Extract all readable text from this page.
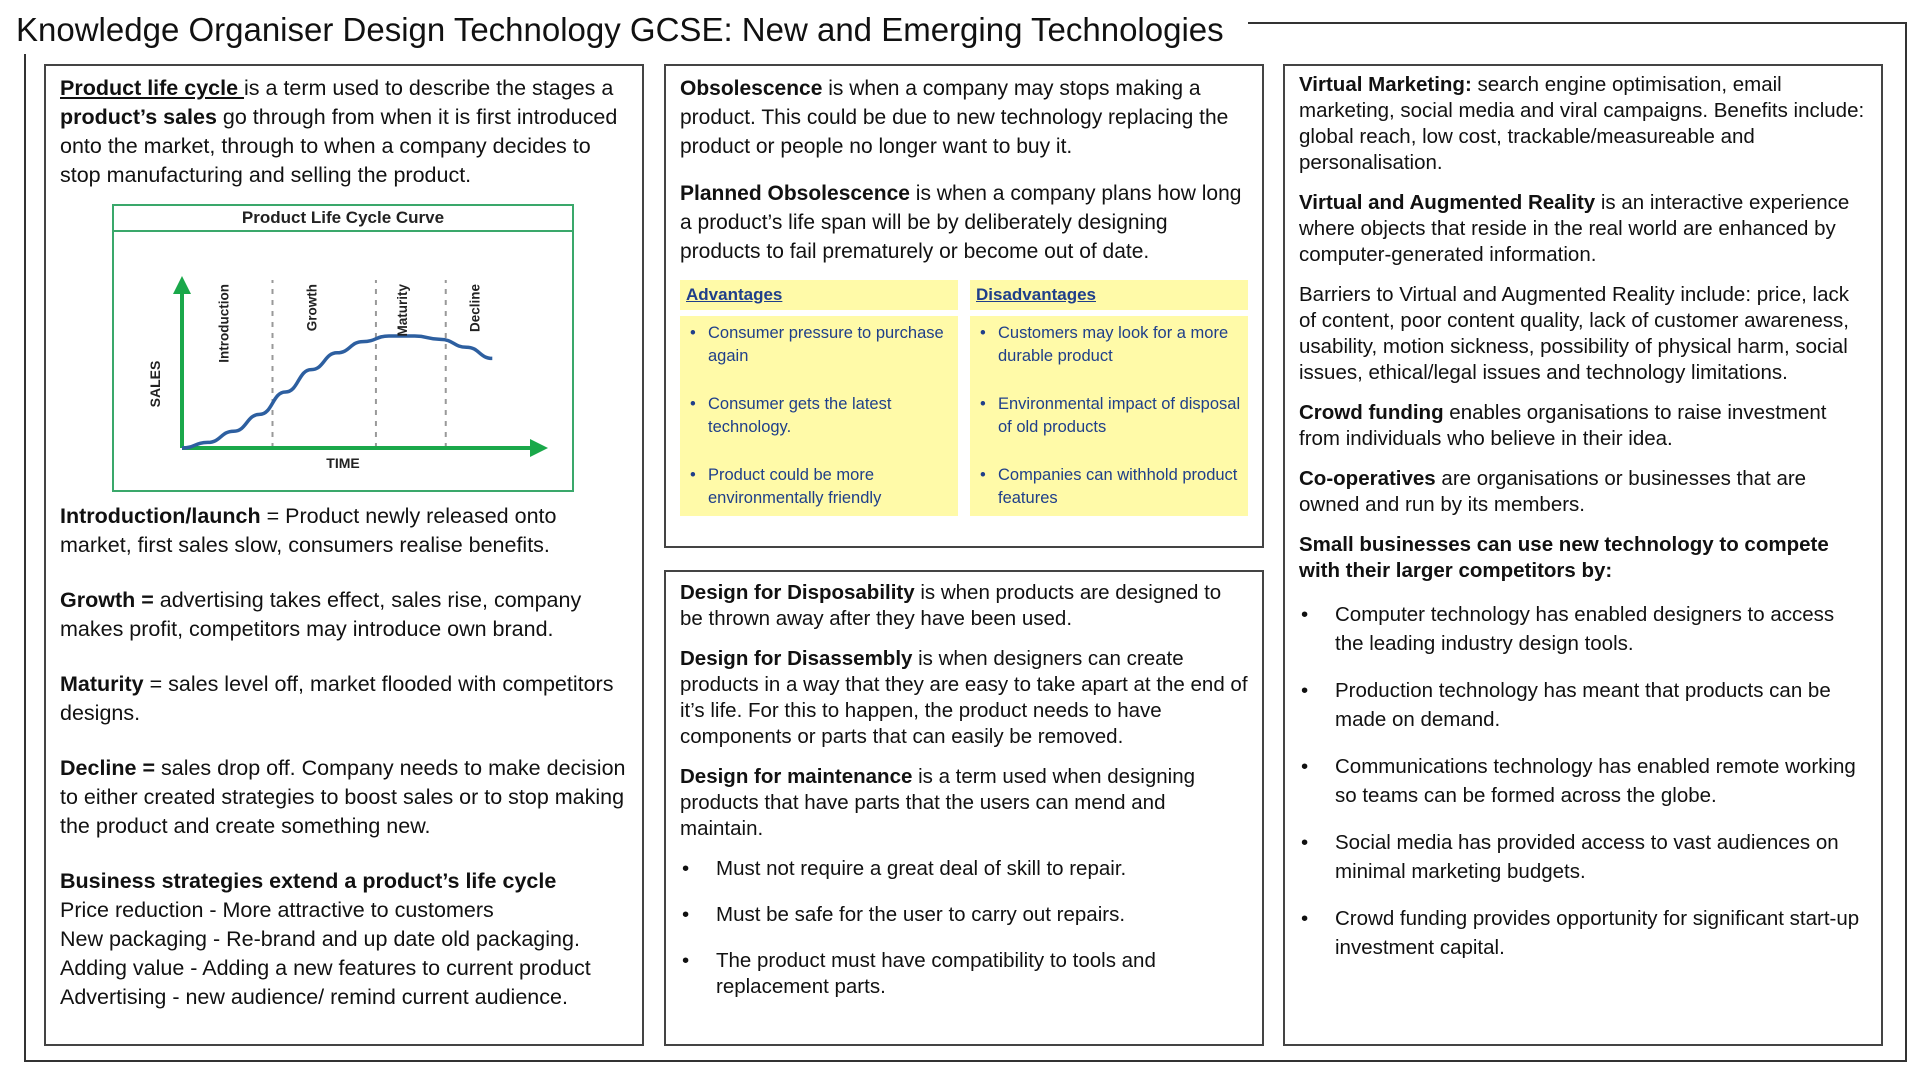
Knowledge Organiser Design Technology GCSE: New and Emerging Technologies

Product life cycle is a term used to describe the stages a product’s sales go through from when it is first introduced onto the market, through to when a company decides to stop manufacturing and selling the product.

Product Life Cycle Curve
SALES
TIME
Introduction	Growth	Maturity	Decline

Introduction/launch = Product newly released onto market, first sales slow, consumers realise benefits.

Growth = advertising takes effect, sales rise, company makes profit, competitors may introduce own brand.

Maturity = sales level off, market flooded with competitors designs.

Decline = sales drop off. Company needs to make decision to either created strategies to boost sales or to stop making the product and create something new.

Business strategies extend a product’s life cycle
Price reduction - More attractive to customers
New packaging - Re-brand and up date old packaging.
Adding value - Adding a new features to current product
Advertising - new audience/ remind current audience.

Obsolescence is when a company may stops making a product. This could be due to new technology replacing the product or people no longer want to buy it.

Planned Obsolescence is when a company plans how long a product’s life span will be by deliberately designing products to fail prematurely or become out of date.

Advantages
• Consumer pressure to purchase again
• Consumer gets the latest technology.
• Product could be more environmentally friendly
Disadvantages
• Customers may look for a more durable product
• Environmental impact of disposal of old products
• Companies can withhold product features

Design for Disposability is when products are designed to be thrown away after they have been used.

Design for Disassembly is when designers can create products in a way that they are easy to take apart at the end of it’s life. For this to happen, the product needs to have components or parts that can easily be removed.

Design for maintenance is a term used when designing products that have parts that the users can mend and maintain.

• Must not require a great deal of skill to repair.
• Must be safe for the user to carry out repairs.
• The product must have compatibility to tools and replacement parts.

Virtual Marketing: search engine optimisation, email marketing, social media and viral campaigns. Benefits include: global reach, low cost, trackable/measureable and personalisation.

Virtual and Augmented Reality is an interactive experience where objects that reside in the real world are enhanced by computer-generated information.

Barriers to Virtual and Augmented Reality include: price, lack of content, poor content quality, lack of customer awareness, usability, motion sickness, possibility of physical harm, social issues, ethical/legal issues and technology limitations.

Crowd funding enables organisations to raise investment from individuals who believe in their idea.

Co-operatives are organisations or businesses that are owned and run by its members.

Small businesses can use new technology to compete with their larger competitors by:

• Computer technology has enabled designers to access the leading industry design tools.
• Production technology has meant that products can be made on demand.
• Communications technology has enabled remote working so teams can be formed across the globe.
• Social media has provided access to vast audiences on minimal marketing budgets.
• Crowd funding provides opportunity for significant start-up investment capital.
